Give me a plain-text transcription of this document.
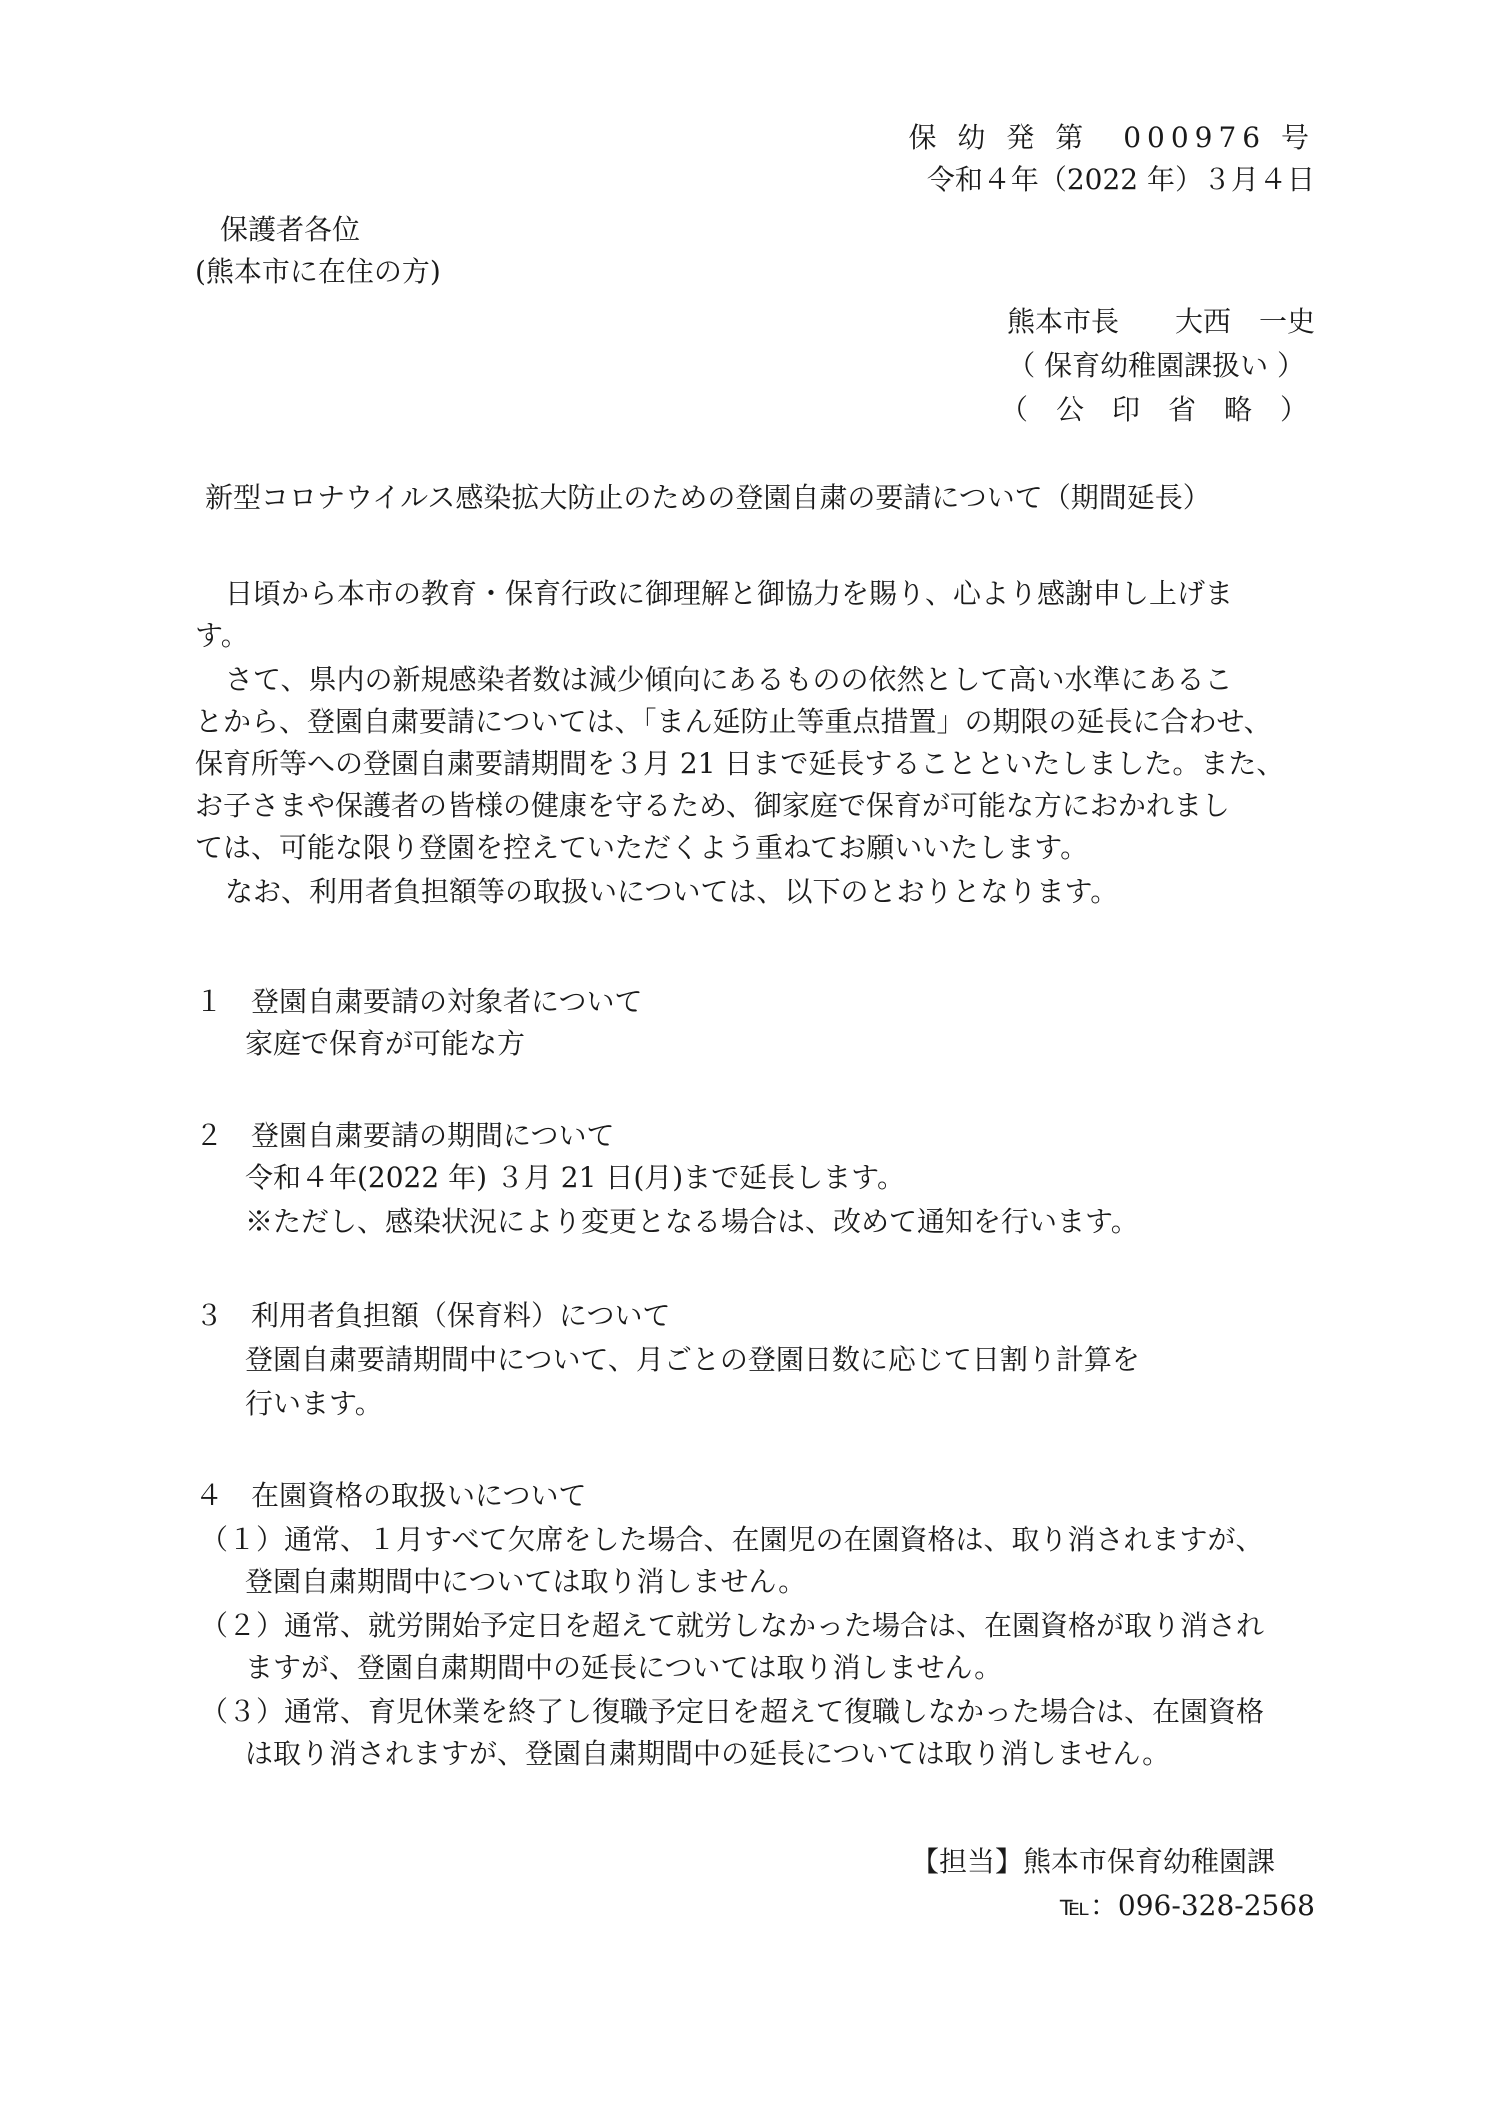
保 幼 発 第　000976 号
令和４年（2022 年）３月４日
保護者各位
(熊本市に在住の方)
熊本市長　　大西　一史
（ 保育幼稚園課扱い ）
（　公　印　省　略　）
新型コロナウイルス感染拡大防止のための登園自粛の要請について（期間延長）
日頃から本市の教育・保育行政に御理解と御協力を賜り、心より感謝申し上げま
す。
さて、県内の新規感染者数は減少傾向にあるものの依然として高い水準にあるこ
とから、登園自粛要請については、「まん延防止等重点措置」の期限の延長に合わせ、
保育所等への登園自粛要請期間を３月 21 日まで延長することといたしました。また、
お子さまや保護者の皆様の健康を守るため、御家庭で保育が可能な方におかれまし
ては、可能な限り登園を控えていただくよう重ねてお願いいたします。
なお、利用者負担額等の取扱いについては、以下のとおりとなります。
１　登園自粛要請の対象者について
家庭で保育が可能な方
２　登園自粛要請の期間について
令和４年(2022 年) ３月 21 日(月)まで延長します。
※ただし、感染状況により変更となる場合は、改めて通知を行います。
３　利用者負担額（保育料）について
登園自粛要請期間中について、月ごとの登園日数に応じて日割り計算を
行います。
４　在園資格の取扱いについて
（１）通常、１月すべて欠席をした場合、在園児の在園資格は、取り消されますが、
登園自粛期間中については取り消しません。
（２）通常、就労開始予定日を超えて就労しなかった場合は、在園資格が取り消され
ますが、登園自粛期間中の延長については取り消しません。
（３）通常、育児休業を終了し復職予定日を超えて復職しなかった場合は、在園資格
は取り消されますが、登園自粛期間中の延長については取り消しません。
【担当】熊本市保育幼稚園課
℡：096-328-2568
